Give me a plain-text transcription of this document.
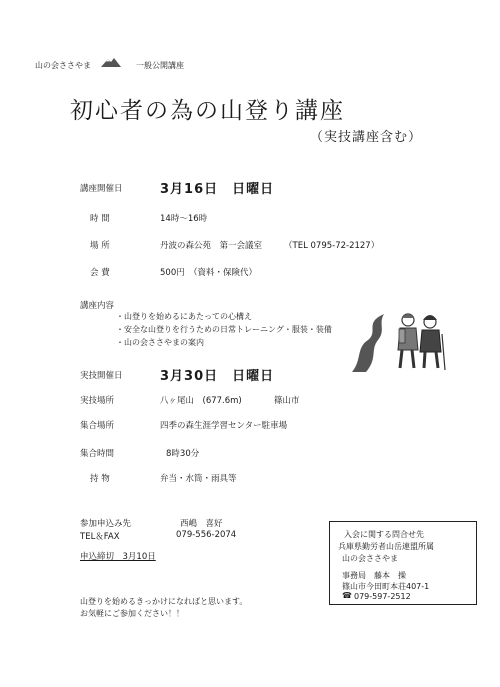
山の会ささやま	一般公開講座
初心者の為の山登り講座
（実技講座含む）
講座開催日	3月16日　日曜日
時 間	14時～16時
場 所	丹波の森公苑　第一会議室	（TEL 0795-72-2127）
会 費	500円　（資料・保険代）
講座内容
・山登りを始めるにあたっての心構え
・安全な山登りを行うための日常トレーニング・服装・装備
・山の会ささやまの案内
実技開催日	3月30日　日曜日
実技場所	八ヶ尾山　(677.6m)	篠山市
集合場所	四季の森生涯学習センター駐車場
集合時間	8時30分
持 物	弁当・水筒・雨具等
参加申込み先	西嶋　喜好
TEL＆FAX	079-556-2074
申込締切　3月10日
山登りを始めるきっかけになればと思います。
お気軽にご参加ください！！
入会に関する問合せ先
兵庫県勤労者山岳連盟所属
山の会ささやま
事務局　藤本　操
篠山市今田町本荘407-1
☎ 079-597-2512
